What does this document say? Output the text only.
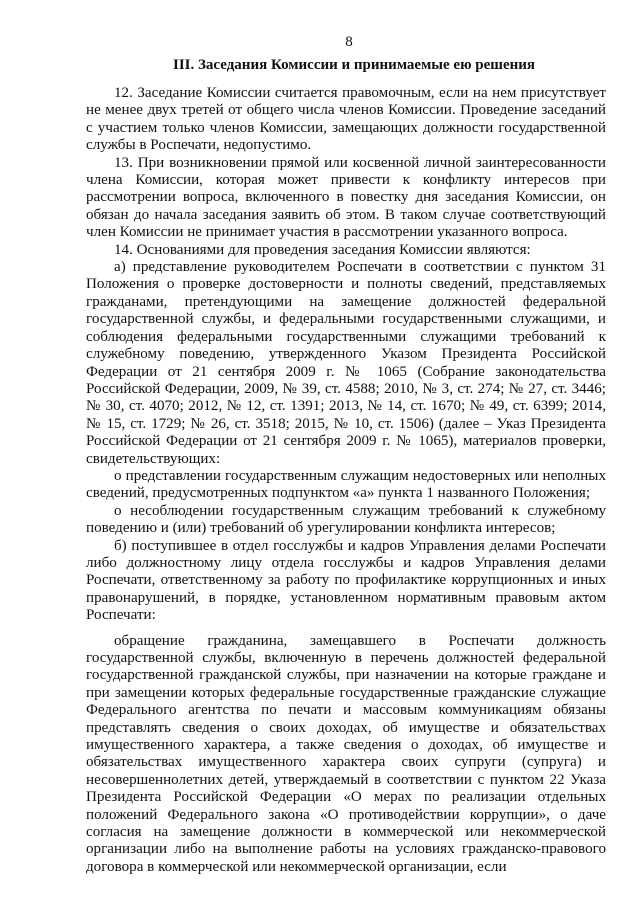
8
III. Заседания Комиссии и принимаемые ею решения

12. Заседание Комиссии считается правомочным, если на нем присутствует не менее двух третей от общего числа членов Комиссии. Проведение заседаний с участием только членов Комиссии, замещающих должности государственной службы в Роспечати, недопустимо.

13. При возникновении прямой или косвенной личной заинтересованности члена Комиссии, которая может привести к конфликту интересов при рассмотрении вопроса, включенного в повестку дня заседания Комиссии, он обязан до начала заседания заявить об этом. В таком случае соответствующий член Комиссии не принимает участия в рассмотрении указанного вопроса.

14. Основаниями для проведения заседания Комиссии являются:

а) представление руководителем Роспечати в соответствии с пунктом 31 Положения о проверке достоверности и полноты сведений, представляемых гражданами, претендующими на замещение должностей федеральной государственной службы, и федеральными государственными служащими, и соблюдения федеральными государственными служащими требований к служебному поведению, утвержденного Указом Президента Российской Федерации от 21 сентября 2009 г. № 1065 (Собрание законодательства Российской Федерации, 2009, № 39, ст. 4588; 2010, № 3, ст. 274; № 27, ст. 3446; № 30, ст. 4070; 2012, № 12, ст. 1391; 2013, № 14, ст. 1670; № 49, ст. 6399; 2014, № 15, ст. 1729; № 26, ст. 3518; 2015, № 10, ст. 1506) (далее – Указ Президента Российской Федерации от 21 сентября 2009 г. № 1065), материалов проверки, свидетельствующих:

о представлении государственным служащим недостоверных или неполных сведений, предусмотренных подпунктом «а» пункта 1 названного Положения;

о несоблюдении государственным служащим требований к служебному поведению и (или) требований об урегулировании конфликта интересов;

б) поступившее в отдел госслужбы и кадров Управления делами Роспечати либо должностному лицу отдела госслужбы и кадров Управления делами Роспечати, ответственному за работу по профилактике коррупционных и иных правонарушений, в порядке, установленном нормативным правовым актом Роспечати:

обращение гражданина, замещавшего в Роспечати должность государственной службы, включенную в перечень должностей федеральной государственной гражданской службы, при назначении на которые граждане и при замещении которых федеральные государственные гражданские служащие Федерального агентства по печати и массовым коммуникациям обязаны представлять сведения о своих доходах, об имуществе и обязательствах имущественного характера, а также сведения о доходах, об имуществе и обязательствах имущественного характера своих супруги (супруга) и несовершеннолетних детей, утверждаемый в соответствии с пунктом 22 Указа Президента Российской Федерации «О мерах по реализации отдельных положений Федерального закона «О противодействии коррупции», о даче согласия на замещение должности в коммерческой или некоммерческой организации либо на выполнение работы на условиях гражданско-правового договора в коммерческой или некоммерческой организации, если
